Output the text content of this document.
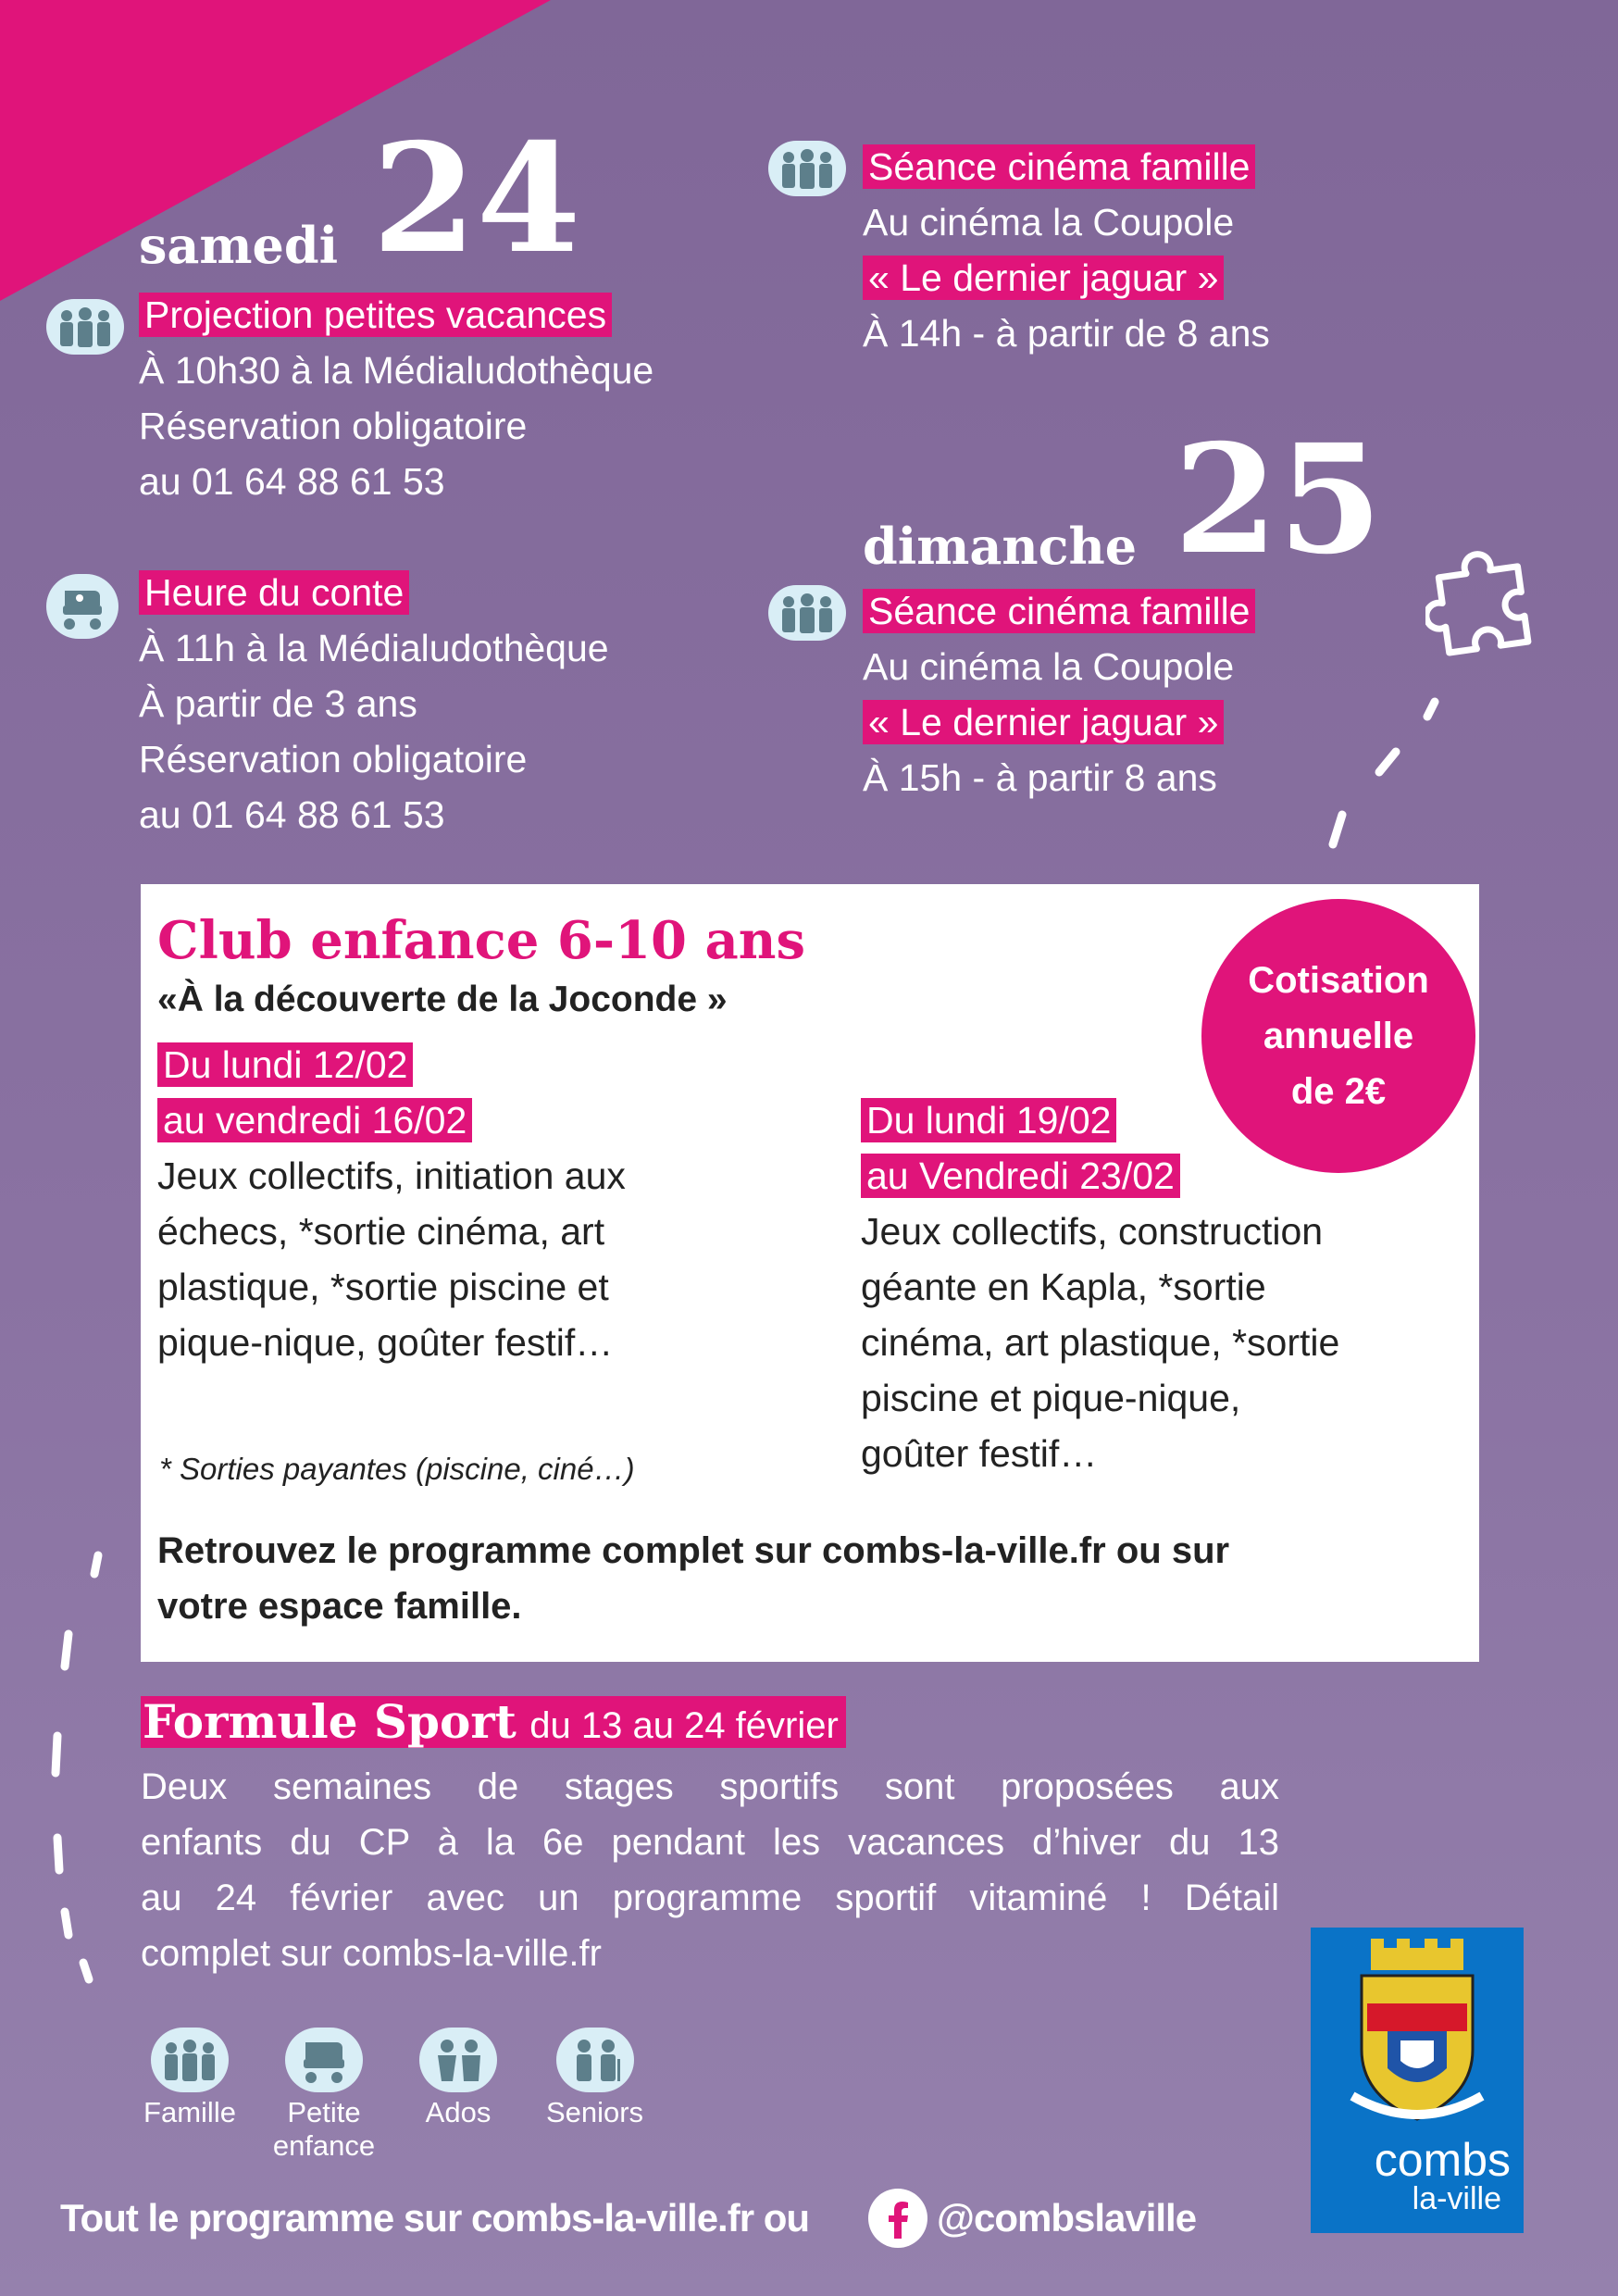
samedi 24
Projection petites vacances
À 10h30 à la Médialudothèque
Réservation obligatoire
au 01 64 88 61 53
Heure du conte
À 11h à la Médialudothèque
À partir de 3 ans
Réservation obligatoire
au 01 64 88 61 53
Séance cinéma famille
Au cinéma la Coupole
« Le dernier jaguar »
À 14h - à partir de 8 ans
dimanche 25
Séance cinéma famille
Au cinéma la Coupole
« Le dernier jaguar »
À 15h - à partir 8 ans
Club enfance 6-10 ans
«À la découverte de la Joconde »
Du lundi 12/02
au vendredi 16/02
Jeux collectifs, initiation aux
échecs, *sortie cinéma, art
plastique, *sortie piscine et
pique-nique, goûter festif…
* Sorties payantes (piscine, ciné…)
Du lundi 19/02
au Vendredi 23/02
Jeux collectifs, construction
géante en Kapla, *sortie
cinéma, art plastique, *sortie
piscine et pique-nique,
goûter festif…
Cotisation
annuelle
de 2€
Retrouvez le programme complet sur combs-la-ville.fr ou sur
votre espace famille.
Formule Sport du 13 au 24 février
Deux semaines de stages sportifs sont proposées aux
enfants du CP à la 6e pendant les vacances d’hiver du 13
au 24 février avec un programme sportif vitaminé ! Détail
complet sur combs-la-ville.fr
Famille	Petite
enfance
Ados	Seniors
combs
la-ville
Tout le programme sur combs-la-ville.fr ou	@combslaville
